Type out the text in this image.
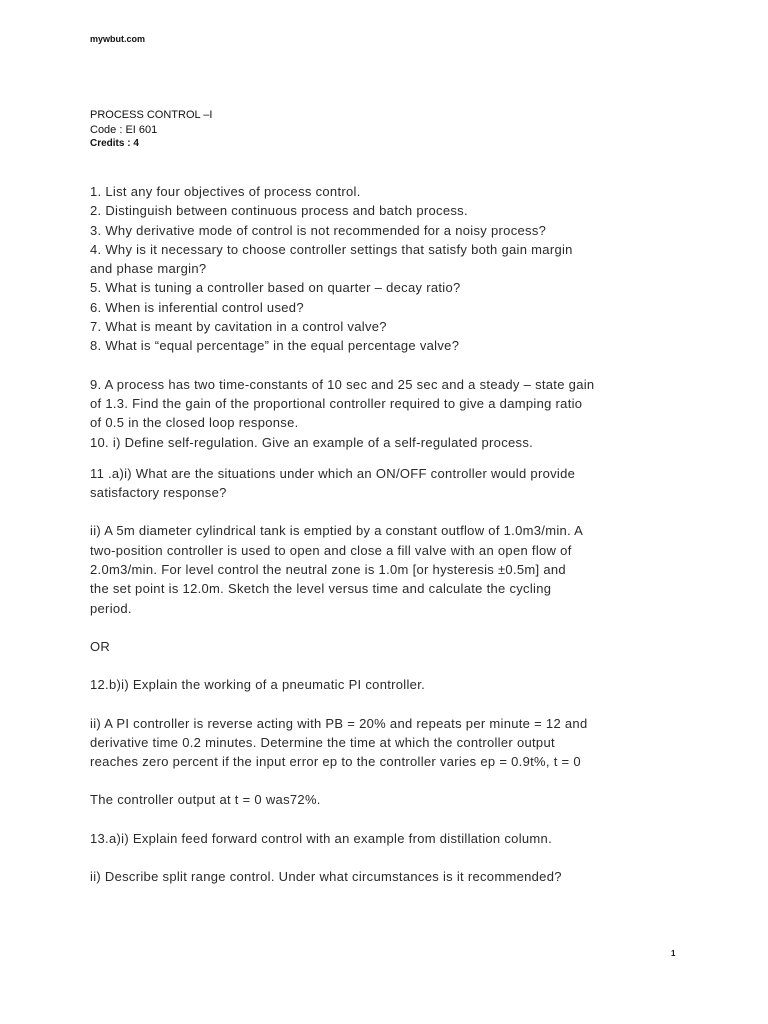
mywbut.com
PROCESS CONTROL –I
Code : EI 601
Credits : 4

1. List any four objectives of process control.

2. Distinguish between continuous process and batch process.

3. Why derivative mode of control is not recommended for a noisy process?

4. Why is it necessary to choose controller settings that satisfy both gain margin

and phase margin?

5. What is tuning a controller based on quarter – decay ratio?

6. When is inferential control used?

7. What is meant by cavitation in a control valve?

8. What is “equal percentage” in the equal percentage valve?

9. A process has two time-constants of 10 sec and 25 sec and a steady – state gain

of 1.3. Find the gain of the proportional controller required to give a damping ratio

of 0.5 in the closed loop response.

10. i) Define self-regulation. Give an example of a self-regulated process.

11 .a)i) What are the situations under which an ON/OFF controller would provide

satisfactory response?

ii) A 5m diameter cylindrical tank is emptied by a constant outflow of 1.0m3/min. A

two-position controller is used to open and close a fill valve with an open flow of

2.0m3/min. For level control the neutral zone is 1.0m [or hysteresis ±0.5m] and

the set point is 12.0m. Sketch the level versus time and calculate the cycling

period.

OR

12.b)i) Explain the working of a pneumatic PI controller.

ii) A PI controller is reverse acting with PB = 20% and repeats per minute = 12 and

derivative time 0.2 minutes. Determine the time at which the controller output

reaches zero percent if the input error ep to the controller varies ep = 0.9t%, t = 0

The controller output at t = 0 was72%.

13.a)i) Explain feed forward control with an example from distillation column.

ii) Describe split range control. Under what circumstances is it recommended?

1
